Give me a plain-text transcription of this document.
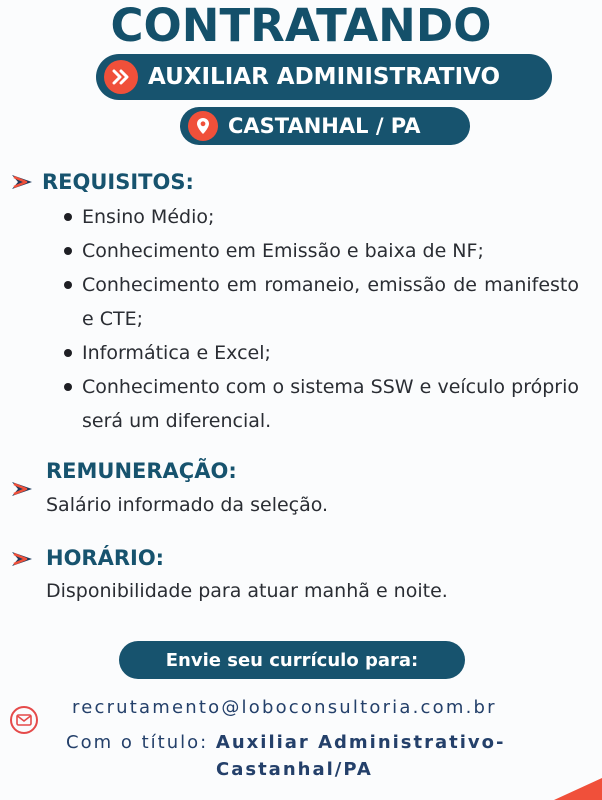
CONTRATANDO
AUXILIAR ADMINISTRATIVO
CASTANHAL / PA
REQUISITOS:
Ensino Médio;
Conhecimento em Emissão e baixa de NF;
Conhecimento em romaneio, emissão de manifesto e CTE;
Informática e Excel;
Conhecimento com o sistema SSW e veículo próprio será um diferencial.
REMUNERAÇÃO:
Salário informado da seleção.
HORÁRIO:
Disponibilidade para atuar manhã e noite.
Envie seu currículo para:
recrutamento@loboconsultoria.com.br
Com o título: Auxiliar Administrativo-
Castanhal/PA
